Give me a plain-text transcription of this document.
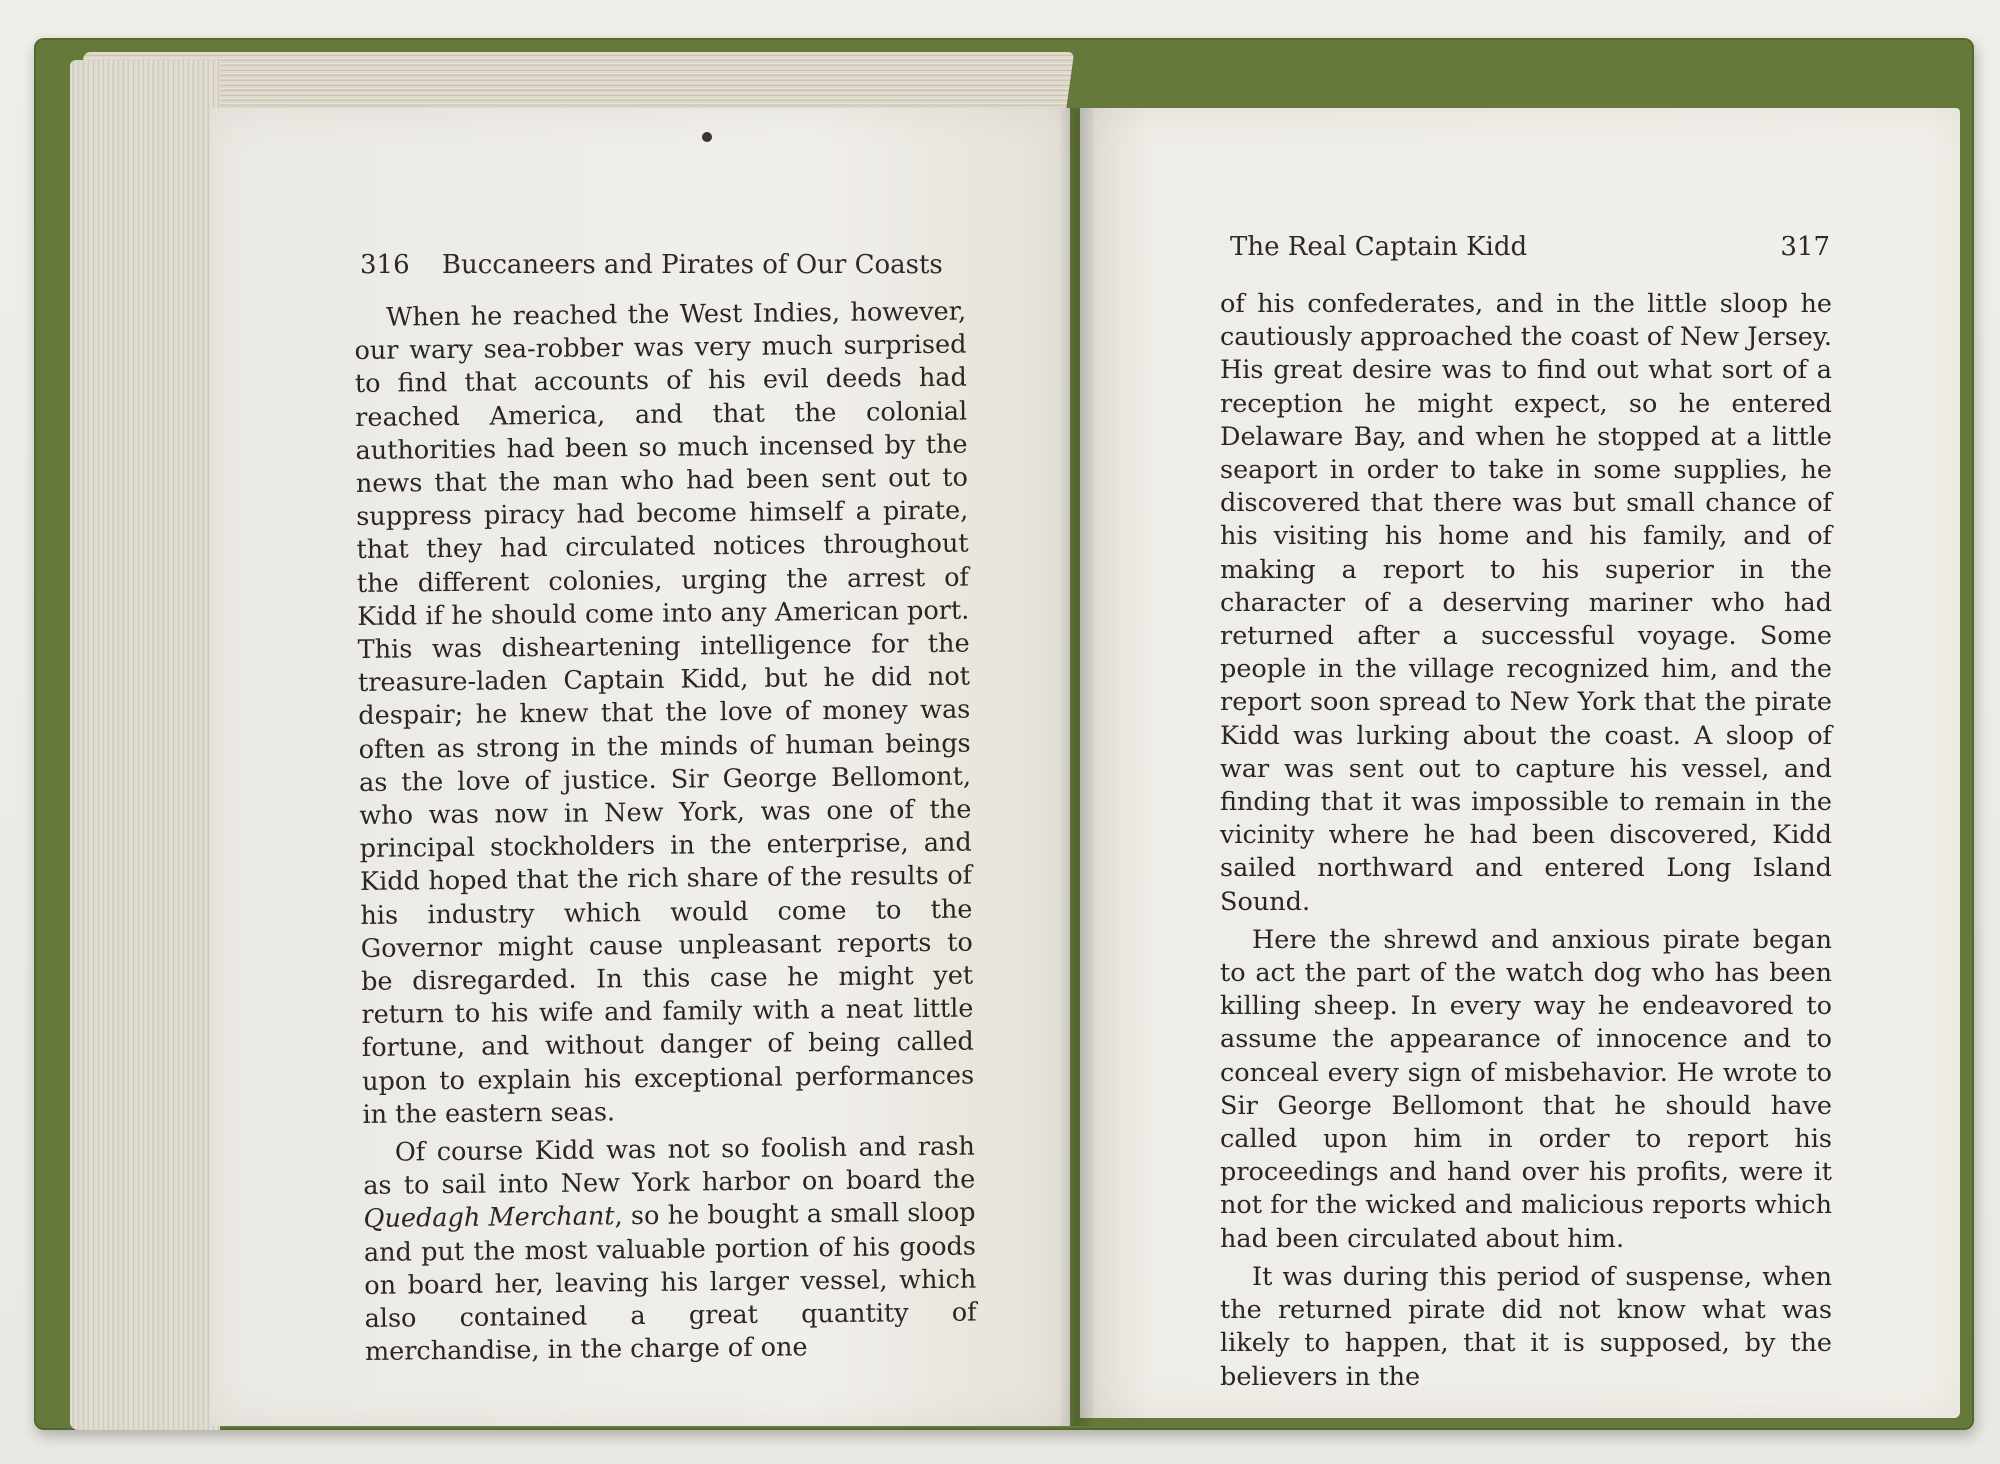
316 Buccaneers and Pirates of Our Coasts

When he reached the West Indies, however, our wary sea-robber was very much surprised to find that accounts of his evil deeds had reached America, and that the colonial authorities had been so much incensed by the news that the man who had been sent out to suppress piracy had become himself a pirate, that they had circulated notices throughout the different colonies, urging the arrest of Kidd if he should come into any American port. This was disheartening intelligence for the treasure-laden Captain Kidd, but he did not despair; he knew that the love of money was often as strong in the minds of human beings as the love of justice. Sir George Bellomont, who was now in New York, was one of the principal stockholders in the enterprise, and Kidd hoped that the rich share of the results of his industry which would come to the Governor might cause unpleasant reports to be disregarded. In this case he might yet return to his wife and family with a neat little fortune, and without danger of being called upon to explain his exceptional performances in the eastern seas.

Of course Kidd was not so foolish and rash as to sail into New York harbor on board the Quedagh Merchant, so he bought a small sloop and put the most valuable portion of his goods on board her, leaving his larger vessel, which also contained a great quantity of merchandise, in the charge of one

The Real Captain Kidd	317

of his confederates, and in the little sloop he cautiously approached the coast of New Jersey. His great desire was to find out what sort of a reception he might expect, so he entered Delaware Bay, and when he stopped at a little seaport in order to take in some supplies, he discovered that there was but small chance of his visiting his home and his family, and of making a report to his superior in the character of a deserving mariner who had returned after a successful voyage. Some people in the village recognized him, and the report soon spread to New York that the pirate Kidd was lurking about the coast. A sloop of war was sent out to capture his vessel, and finding that it was impossible to remain in the vicinity where he had been discovered, Kidd sailed northward and entered Long Island Sound.

Here the shrewd and anxious pirate began to act the part of the watch dog who has been killing sheep. In every way he endeavored to assume the appearance of innocence and to conceal every sign of misbehavior. He wrote to Sir George Bellomont that he should have called upon him in order to report his proceedings and hand over his profits, were it not for the wicked and malicious reports which had been circulated about him.

It was during this period of suspense, when the returned pirate did not know what was likely to happen, that it is supposed, by the believers in the
